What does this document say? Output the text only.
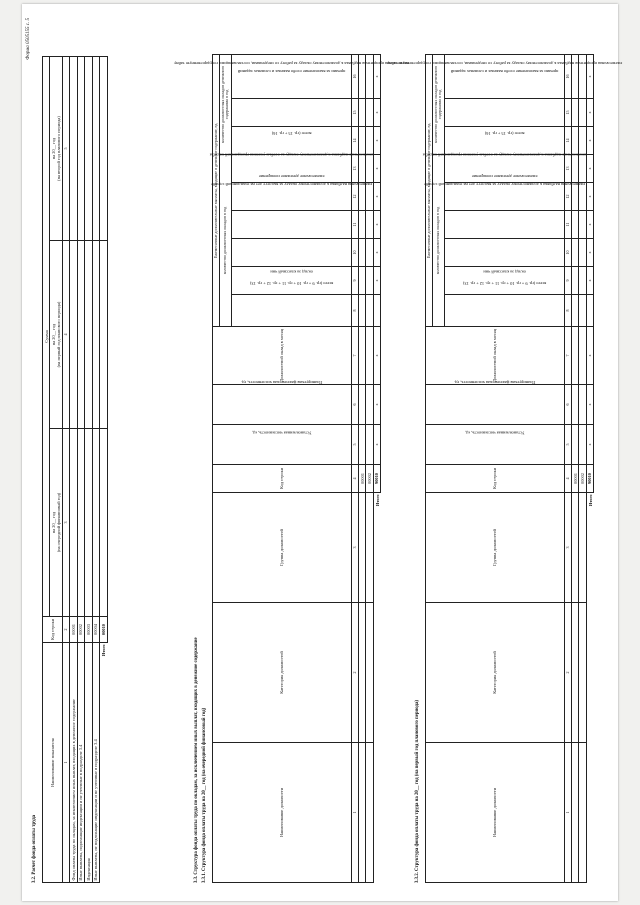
Форма 0505155 с. 5
3.2. Расчет фонда оплаты труда
Наименование показателя	Код строки	Сумма		
		на 20__ год
(на очередной финансовый год)	на 20__ год
(на первый год планового периода)	на 20__ год
(на второй год планового периода)
1	2	3	4	5
Фонд оплаты труда по окладам, за исключением иных выплат, входящих в денежное содержание	00001			
Иные выплаты, подлежащие индексации и не учтенные в подразделе 3.4	00002			
Индексация	00003			
Иные выплаты, не подлежащие индексации и не учтенные в подразделе 3.4	00004			
Итого	00010			
3.3. Структура фонда оплаты труда по окладам, за исключением иных выплат, входящих в денежное содержание 3.3.1. Структура фонда оплаты труда на 20__ год (на очередной финансовый год)	Наименование должности	Категория должностей	Группа должностей	Код строки	Установленная численность, ед.	Планируемая фактическая численность, ед.	Должностной оклад в месяц	Ежемесячные дополнительные выплаты, входящие в денежное содержание, ед.								
							количество должностных окладов в год						количество должностных окладов денежного содержания в год		
							всего (гр. 9 + гр. 10 + гр. 11 + гр. 12 + гр. 13)	оклад за классный чин	ежемесячная надбавка к должностному окладу за выслугу лет на гражданской службе	ежемесячная надбавка к должностному окладу за особые условия гражданской службы	ежемесячное денежное поощрение	ежемесячная процентная надбавка к должностному окладу за работу со сведениями, составляющими государственную тайну	всего (гр. 15 + гр. 16)	премии за выполнение особо важных и сложных заданий	
1	2	3	4	5	6	7	8	9	10	11	12	13	14	15	16
			00001												
			00002												
Итого			90010	х	х	х		х	х	х	х	х	х	х	х
3.3.2. Структура фонда оплаты труда на 20__ год (на первый год планового периода)	Наименование должности	Категория должностей	Группа должностей	Код строки	Установленная численность, ед.	Планируемая фактическая численность, ед.	Должностной оклад в месяц	Ежемесячные дополнительные выплаты, входящие в денежное содержание, ед.								
							количество должностных окладов в год						количество должностных окладов денежного содержания в год		
							всего (гр. 9 + гр. 10 + гр. 11 + гр. 12 + гр. 13)	оклад за классный чин	ежемесячная надбавка к должностному окладу за выслугу лет на гражданской службе	ежемесячная надбавка к должностному окладу за особые условия гражданской службы	ежемесячное денежное поощрение	ежемесячная процентная надбавка к должностному окладу за работу со сведениями, составляющими государственную тайну	всего (гр. 15 + гр. 16)	премии за выполнение особо важных и сложных заданий	
1	2	3	4	5	6	7	8	9	10	11	12	13	14	15	16
			00001												
			00002												
Итого			90010	х	х	х		х	х	х	х	х	х	х	х
